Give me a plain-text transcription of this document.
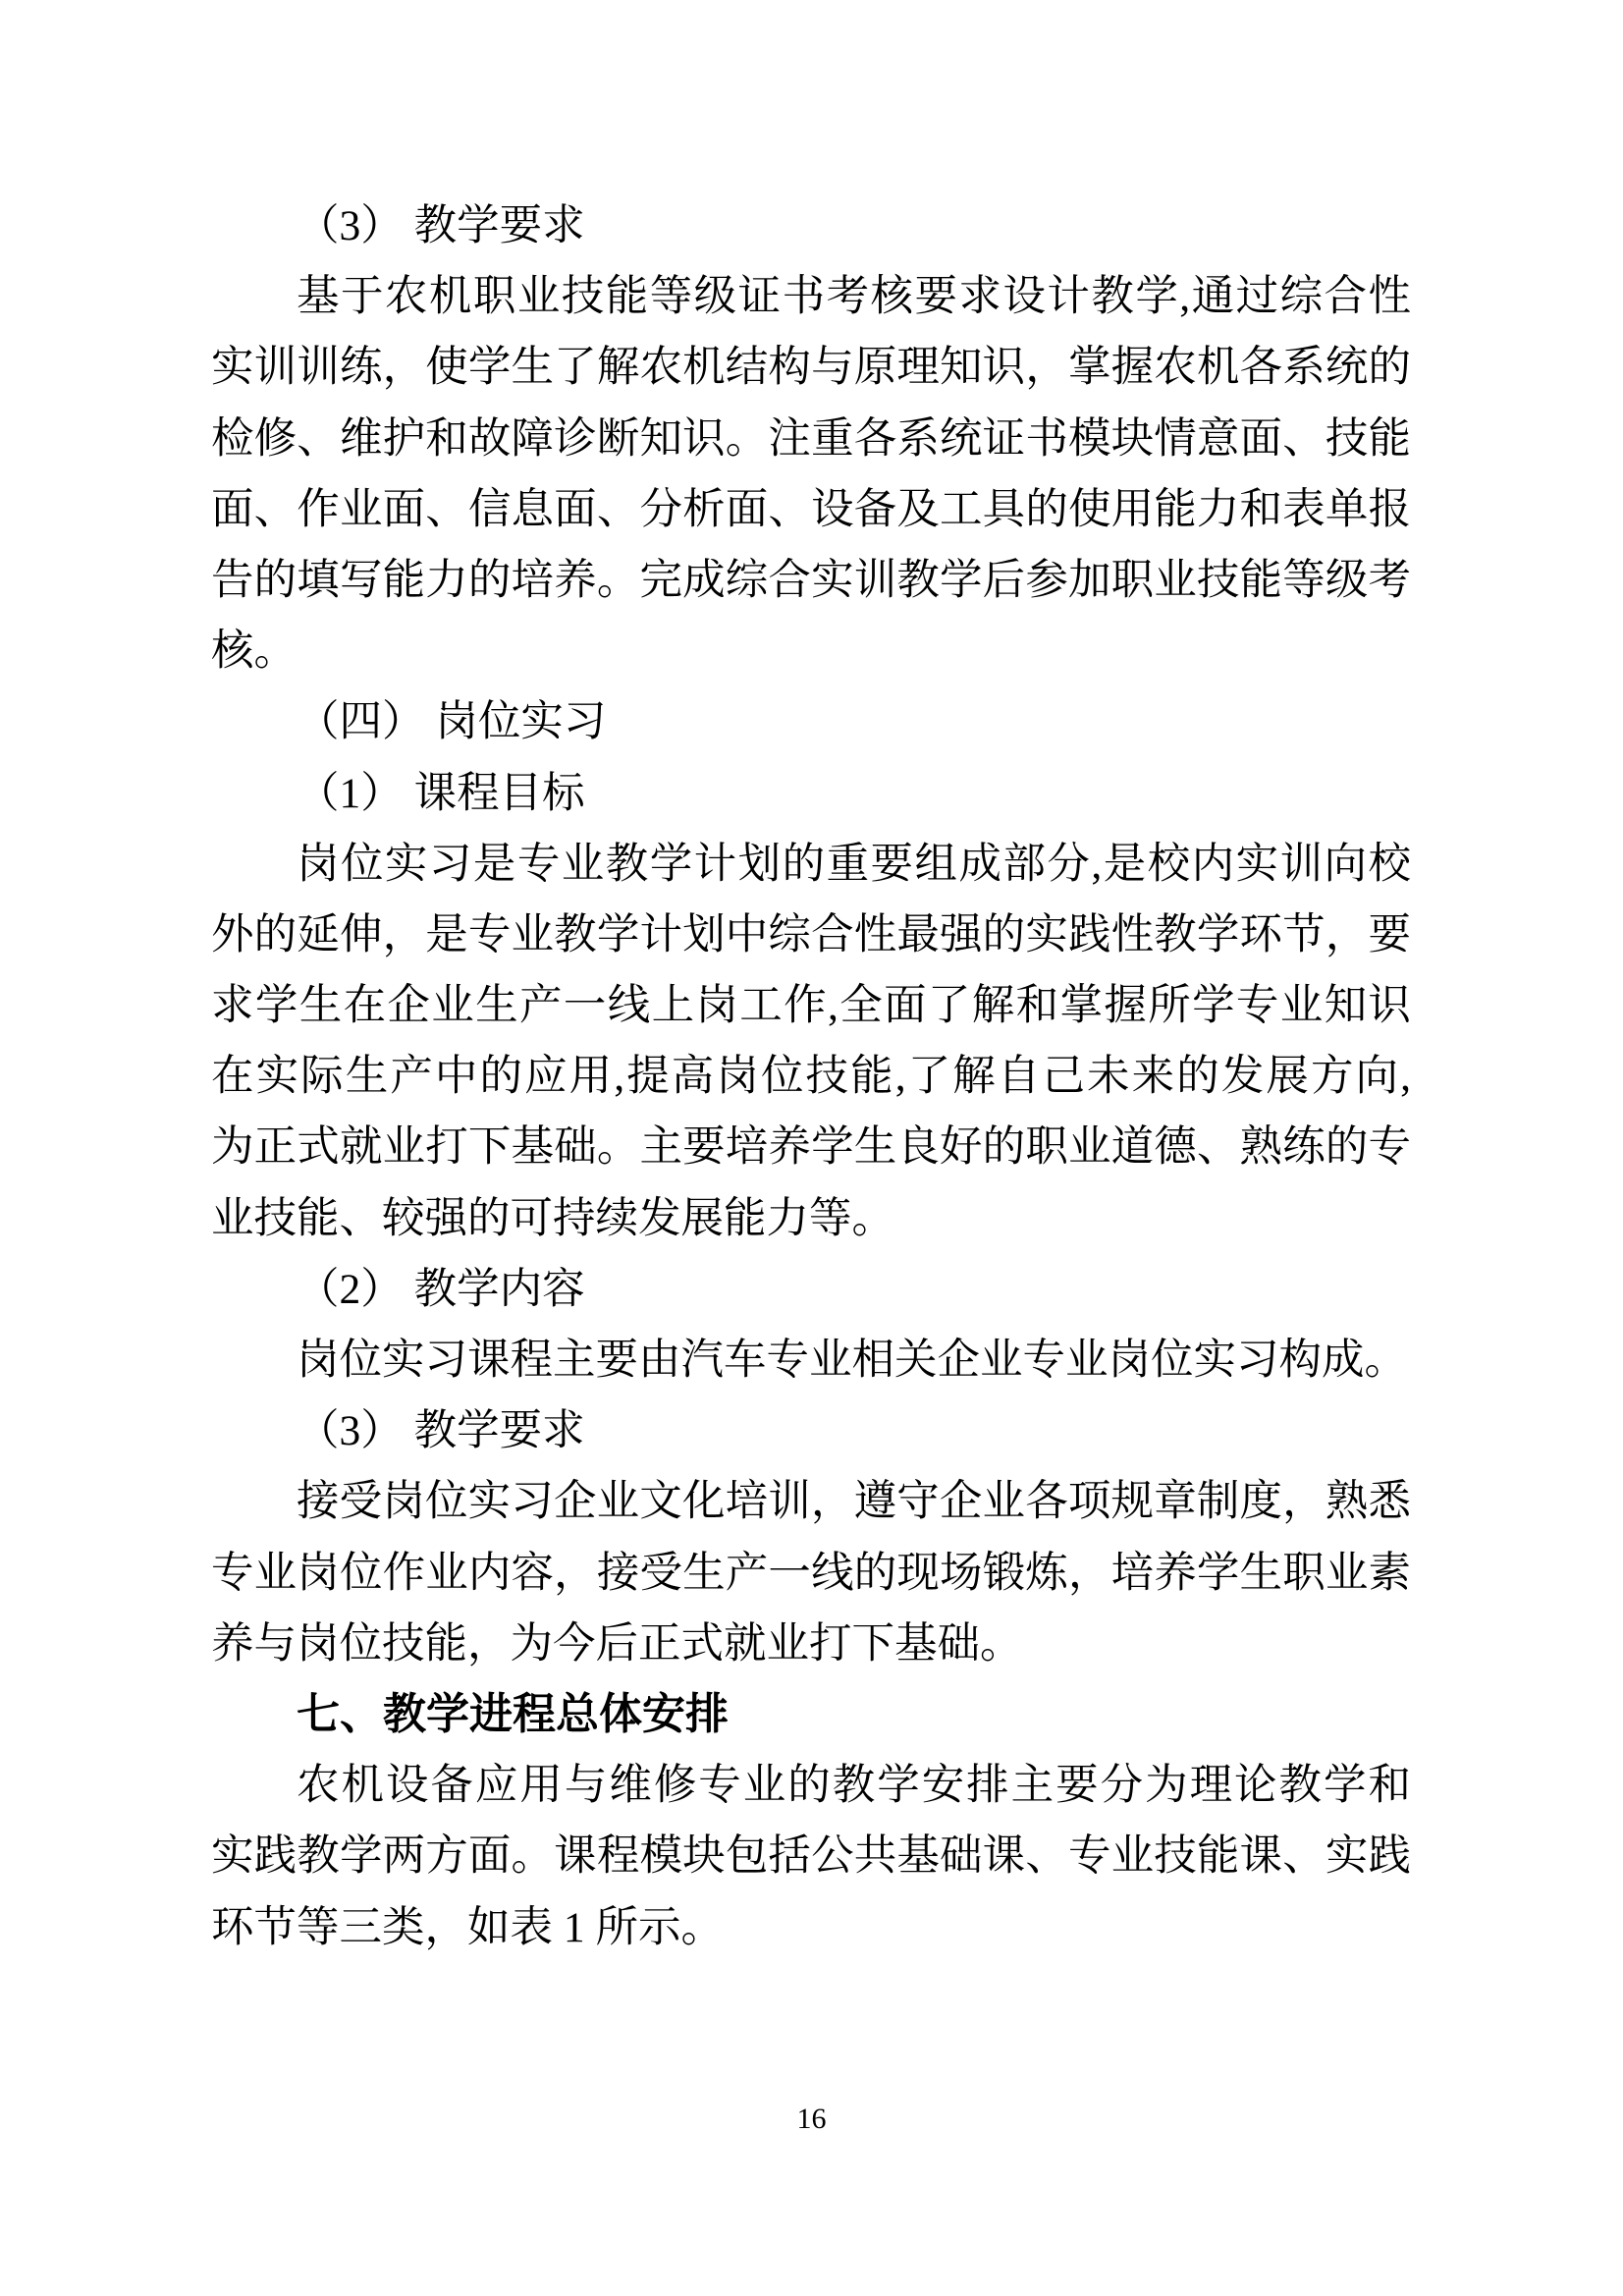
（3） 教学要求
基于农机职业技能等级证书考核要求设计教学,通过综合性
实训训练，使学生了解农机结构与原理知识，掌握农机各系统的
检修、维护和故障诊断知识。注重各系统证书模块情意面、技能
面、作业面、信息面、分析面、设备及工具的使用能力和表单报
告的填写能力的培养。完成综合实训教学后参加职业技能等级考
核。
（四） 岗位实习
（1） 课程目标
岗位实习是专业教学计划的重要组成部分,是校内实训向校
外的延伸，是专业教学计划中综合性最强的实践性教学环节，要
求学生在企业生产一线上岗工作,全面了解和掌握所学专业知识
在实际生产中的应用,提高岗位技能,了解自己未来的发展方向,
为正式就业打下基础。主要培养学生良好的职业道德、熟练的专
业技能、较强的可持续发展能力等。
（2） 教学内容
岗位实习课程主要由汽车专业相关企业专业岗位实习构成。
（3） 教学要求
接受岗位实习企业文化培训，遵守企业各项规章制度，熟悉
专业岗位作业内容，接受生产一线的现场锻炼，培养学生职业素
养与岗位技能，为今后正式就业打下基础。
七、教学进程总体安排
农机设备应用与维修专业的教学安排主要分为理论教学和
实践教学两方面。课程模块包括公共基础课、专业技能课、实践
环节等三类，如表 1 所示。
16
